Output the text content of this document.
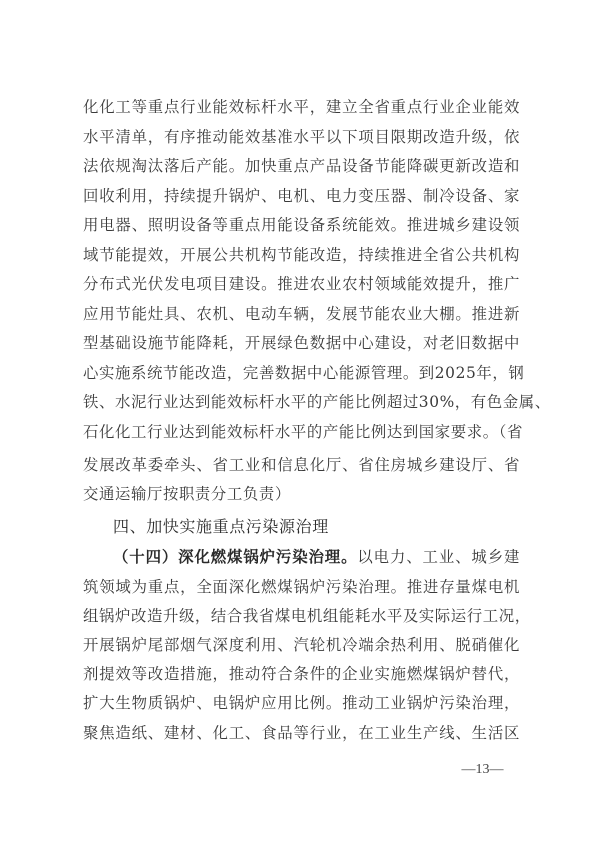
化化工等重点行业能效标杆水平，建立全省重点行业企业能效
水平清单，有序推动能效基准水平以下项目限期改造升级，依
法依规淘汰落后产能。加快重点产品设备节能降碳更新改造和
回收利用，持续提升锅炉、电机、电力变压器、制冷设备、家
用电器、照明设备等重点用能设备系统能效。推进城乡建设领
域节能提效，开展公共机构节能改造，持续推进全省公共机构
分布式光伏发电项目建设。推进农业农村领域能效提升，推广
应用节能灶具、农机、电动车辆，发展节能农业大棚。推进新
型基础设施节能降耗，开展绿色数据中心建设，对老旧数据中
心实施系统节能改造，完善数据中心能源管理。到2025年，钢
铁、水泥行业达到能效标杆水平的产能比例超过30%，有色金属、
石化化工行业达到能效标杆水平的产能比例达到国家要求。（省
发展改革委牵头、省工业和信息化厅、省住房城乡建设厅、省
交通运输厅按职责分工负责）
四、加快实施重点污染源治理
（十四）深化燃煤锅炉污染治理。以电力、工业、城乡建
筑领域为重点，全面深化燃煤锅炉污染治理。推进存量煤电机
组锅炉改造升级，结合我省煤电机组能耗水平及实际运行工况，
开展锅炉尾部烟气深度利用、汽轮机冷端余热利用、脱硝催化
剂提效等改造措施，推动符合条件的企业实施燃煤锅炉替代，
扩大生物质锅炉、电锅炉应用比例。推动工业锅炉污染治理，
聚焦造纸、建材、化工、食品等行业，在工业生产线、生活区
—13—
